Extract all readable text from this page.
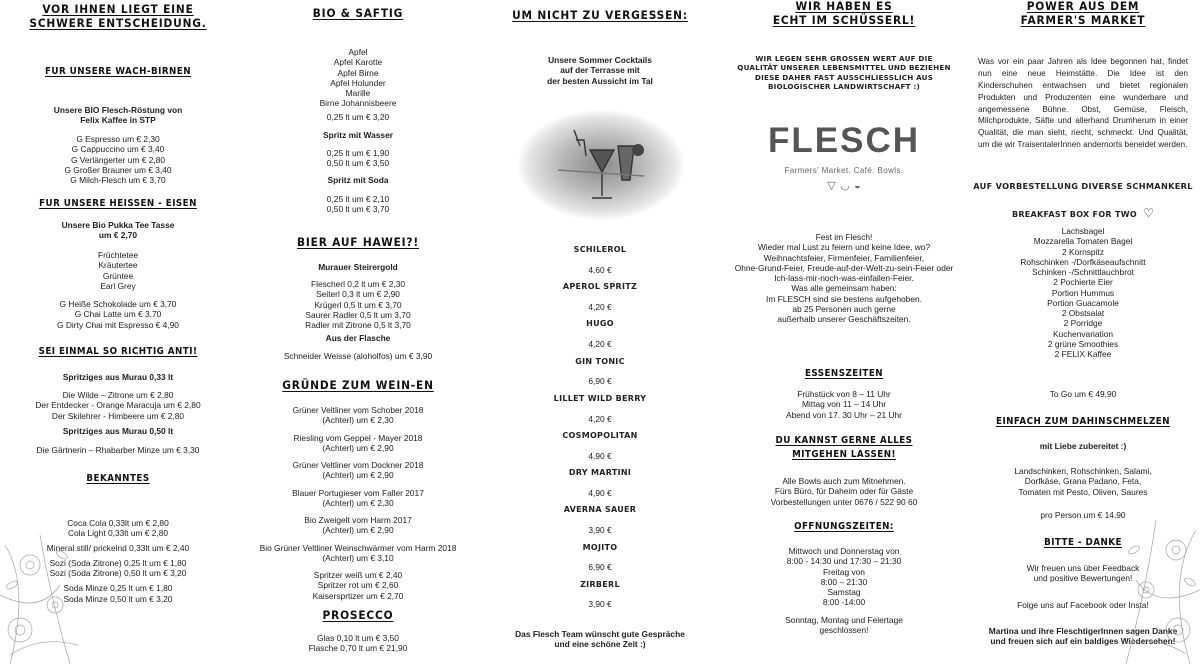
VOR IHNEN LIEGT EINE SCHWERE ENTSCHEIDUNG.
FÜR UNSERE WACH-BIRNEN
Unsere BIO Flesch-Röstung von
Felix Kaffee in STP
G Espresso um € 2,30
G Cappuccino um € 3,40
G Verlängerter um € 2,80
G Großer Brauner um € 3,40
G Milch-Flesch um € 3,70
FÜR UNSERE HEISSEN - EISEN
Unsere Bio Pukka Tee Tasse
um € 2,70
Früchtetee
Kräutertee
Grüntee
Earl Grey
G Heiße Schokolade um € 3,70
G Chai Latte um € 3,70
G Dirty Chai mit Espresso € 4,90
SEI EINMAL SO RICHTIG ANTI!
Spritziges aus Murau 0,33 lt
Die Wilde – Zitrone um € 2,80
Der Entdecker - Orange Maracuja um € 2,80
Der Skilehrer - Himbeere um € 2,80
Spritziges aus Murau 0,50 lt
Die Gärtnerin – Rhabarber Minze um € 3,30
BEKANNTES
Coca Cola 0,33lt um € 2,80
Cola Light 0,33lt um € 2,80
Mineral still/ prickelnd 0,33lt um € 2,40
Sozi (Soda Zitrone) 0,25 lt um € 1,80
Sozi (Soda Zitrone) 0,50 lt um € 3,20
Soda Minze 0,25 lt um € 1,80
Soda Minze 0,50 lt um € 3,20
BIO & SAFTIG
Apfel
Apfel Karotte
Apfel Birne
Apfel Holunder
Marille
Birne Johannisbeere
0,25 lt um € 3,20
Spritz mit Wasser
0,25 lt um € 1,90
0,50 lt um € 3,50
Spritz mit Soda
0,25 lt um € 2,10
0,50 lt um € 3,70
BIER AUF HAWEI?!
Murauer Steirergold
Flescherl 0,2 lt um € 2,30
Seiterl 0,3 lt um € 2,90
Krügerl 0,5 lt um € 3,70
Saurer Radler 0,5 lt um 3,70
Radler mit Zitrone 0,5 lt 3,70
Aus der Flasche
Schneider Weisse (aloholfos) um € 3,90
GRÜNDE ZUM WEIN-EN
Grüner Veltliner vom Schober 2018
(Achterl) um € 2,30
Riesling vom Geppel - Mayer 2018
(Achterl) um € 2,90
Grüner Veltliner vom Dockner 2018
(Achterl) um € 2,90
Blauer Portugieser vom Faller 2017
(Achterl) um € 2,30
Bio Zweigelt vom Harm 2017
(Achterl) um € 2,90
Bio Grüner Veltliner Weinschwärmer vom Harm 2018
(Achterl) um € 3,10
Spritzer weiß um € 2,40
Spritzer rot um € 2,60
Kaisersprtizer um € 2,70
PROSECCO
Glas 0,10 lt um € 3,50
Flasche 0,70 lt um € 21,90
UM NICHT ZU VERGESSEN:
Unsere Sommer Cocktails
auf der Terrasse mit
der besten Aussicht im Tal
SCHILEROL
4,60 €
APEROL SPRITZ
4,20 €
HUGO
4,20 €
GIN TONIC
6,90 €
LILLET WILD BERRY
4,20 €
COSMOPOLITAN
4,90 €
DRY MARTINI
4,90 €
AVERNA SAUER
3,90 €
MOJITO
6,90 €
ZIRBERL
3,90 €
Das Flesch Team wünscht gute Gespräche
und eine schöne Zeit :)
WIR HABEN ES
ECHT IM SCHÜSSERL!
WIR LEGEN SEHR GROSSEN WERT AUF DIE
QUALITÄT UNSERER LEBENSMITTEL UND BEZIEHEN
DIESE DAHER FAST AUSSCHLIESSLICH AUS
BIOLOGISCHER LANDWIRTSCHAFT :)
FLESCH
Farmers' Market. Café. Bowls.
▽ ◡ ◒
Fest im Flesch!
Wieder mal Lust zu feiern und keine Idee, wo?
Weihnachtsfeier, Firmenfeier, Familienfeier,
Ohne-Grund-Feier, Freude-auf-der-Welt-zu-sein-Feier oder
Ich-lass-mir-noch-was-einfallen-Feier.
Was alle gemeinsam haben:
Im FLESCH sind sie bestens aufgehoben.
ab 25 Personen auch gerne
außerhalb unserer Geschäftszeiten.
ESSENSZEITEN
Frühstück von 8 – 11 Uhr
Mittag von 11 – 14 Uhr
Abend von 17. 30 Uhr – 21 Uhr
DU KANNST GERNE ALLES
MITGEHEN LASSEN!
Alle Bowls auch zum Mitnehmen.
Fürs Büro, für Daheim oder für Gäste
Vorbestellungen unter 0676 / 522 90 60
ÖFFNUNGSZEITEN:
Mittwoch und Donnerstag von
8:00 - 14:30 und 17:30 – 21:30
Freitag von
8:00 – 21:30
Samstag
8:00 -14:00
Sonntag, Montag und Feiertage
geschlossen!
POWER AUS DEM
FARMER'S MARKET
Was vor ein paar Jahren als Idee begonnen hat, findet nun eine neue Heimstätte. Die Idee ist den Kinderschuhen entwachsen und bietet regionalen Produkten und Produzenten eine wunderbare und angemessene Bühne. Obst, Gemüse, Fleisch, Milchprodukte, Säfte und allerhand Drumherum in einer Qualität, die man sieht, riecht, schmeckt. Und Qualität, um die wir TraisentalerInnen andernorts beneidet werden.
AUF VORBESTELLUNG DIVERSE SCHMANKERL
BREAKFAST BOX FOR TWO ♡
Lachsbagel
Mozzarella Tomaten Bagel
2 Kornspitz
Rohschinken -/Dorfkäseaufschnitt
Schinken -/Schnittlauchbrot
2 Pochierte Eier
Portion Hummus
Portion Guacamole
2 Obstsalat
2 Porridge
Kuchenvariation
2 grüne Smoothies
2 FELIX Kaffee
To Go um € 49,90
EINFACH ZUM DAHINSCHMELZEN
mit Liebe zubereitet :)
Landschinken, Rohschinken, Salami,
Dorfkäse, Grana Padano, Feta,
Tomaten mit Pesto, Oliven, Saures
pro Person um € 14,90
BITTE - DANKE
Wir freuen uns über Feedback
und positive Bewertungen!
Folge uns auf Facebook oder Insta!
Martina und ihre FleschtigerInnen sagen Danke
und freuen sich auf ein baldiges Wiedersehen!
